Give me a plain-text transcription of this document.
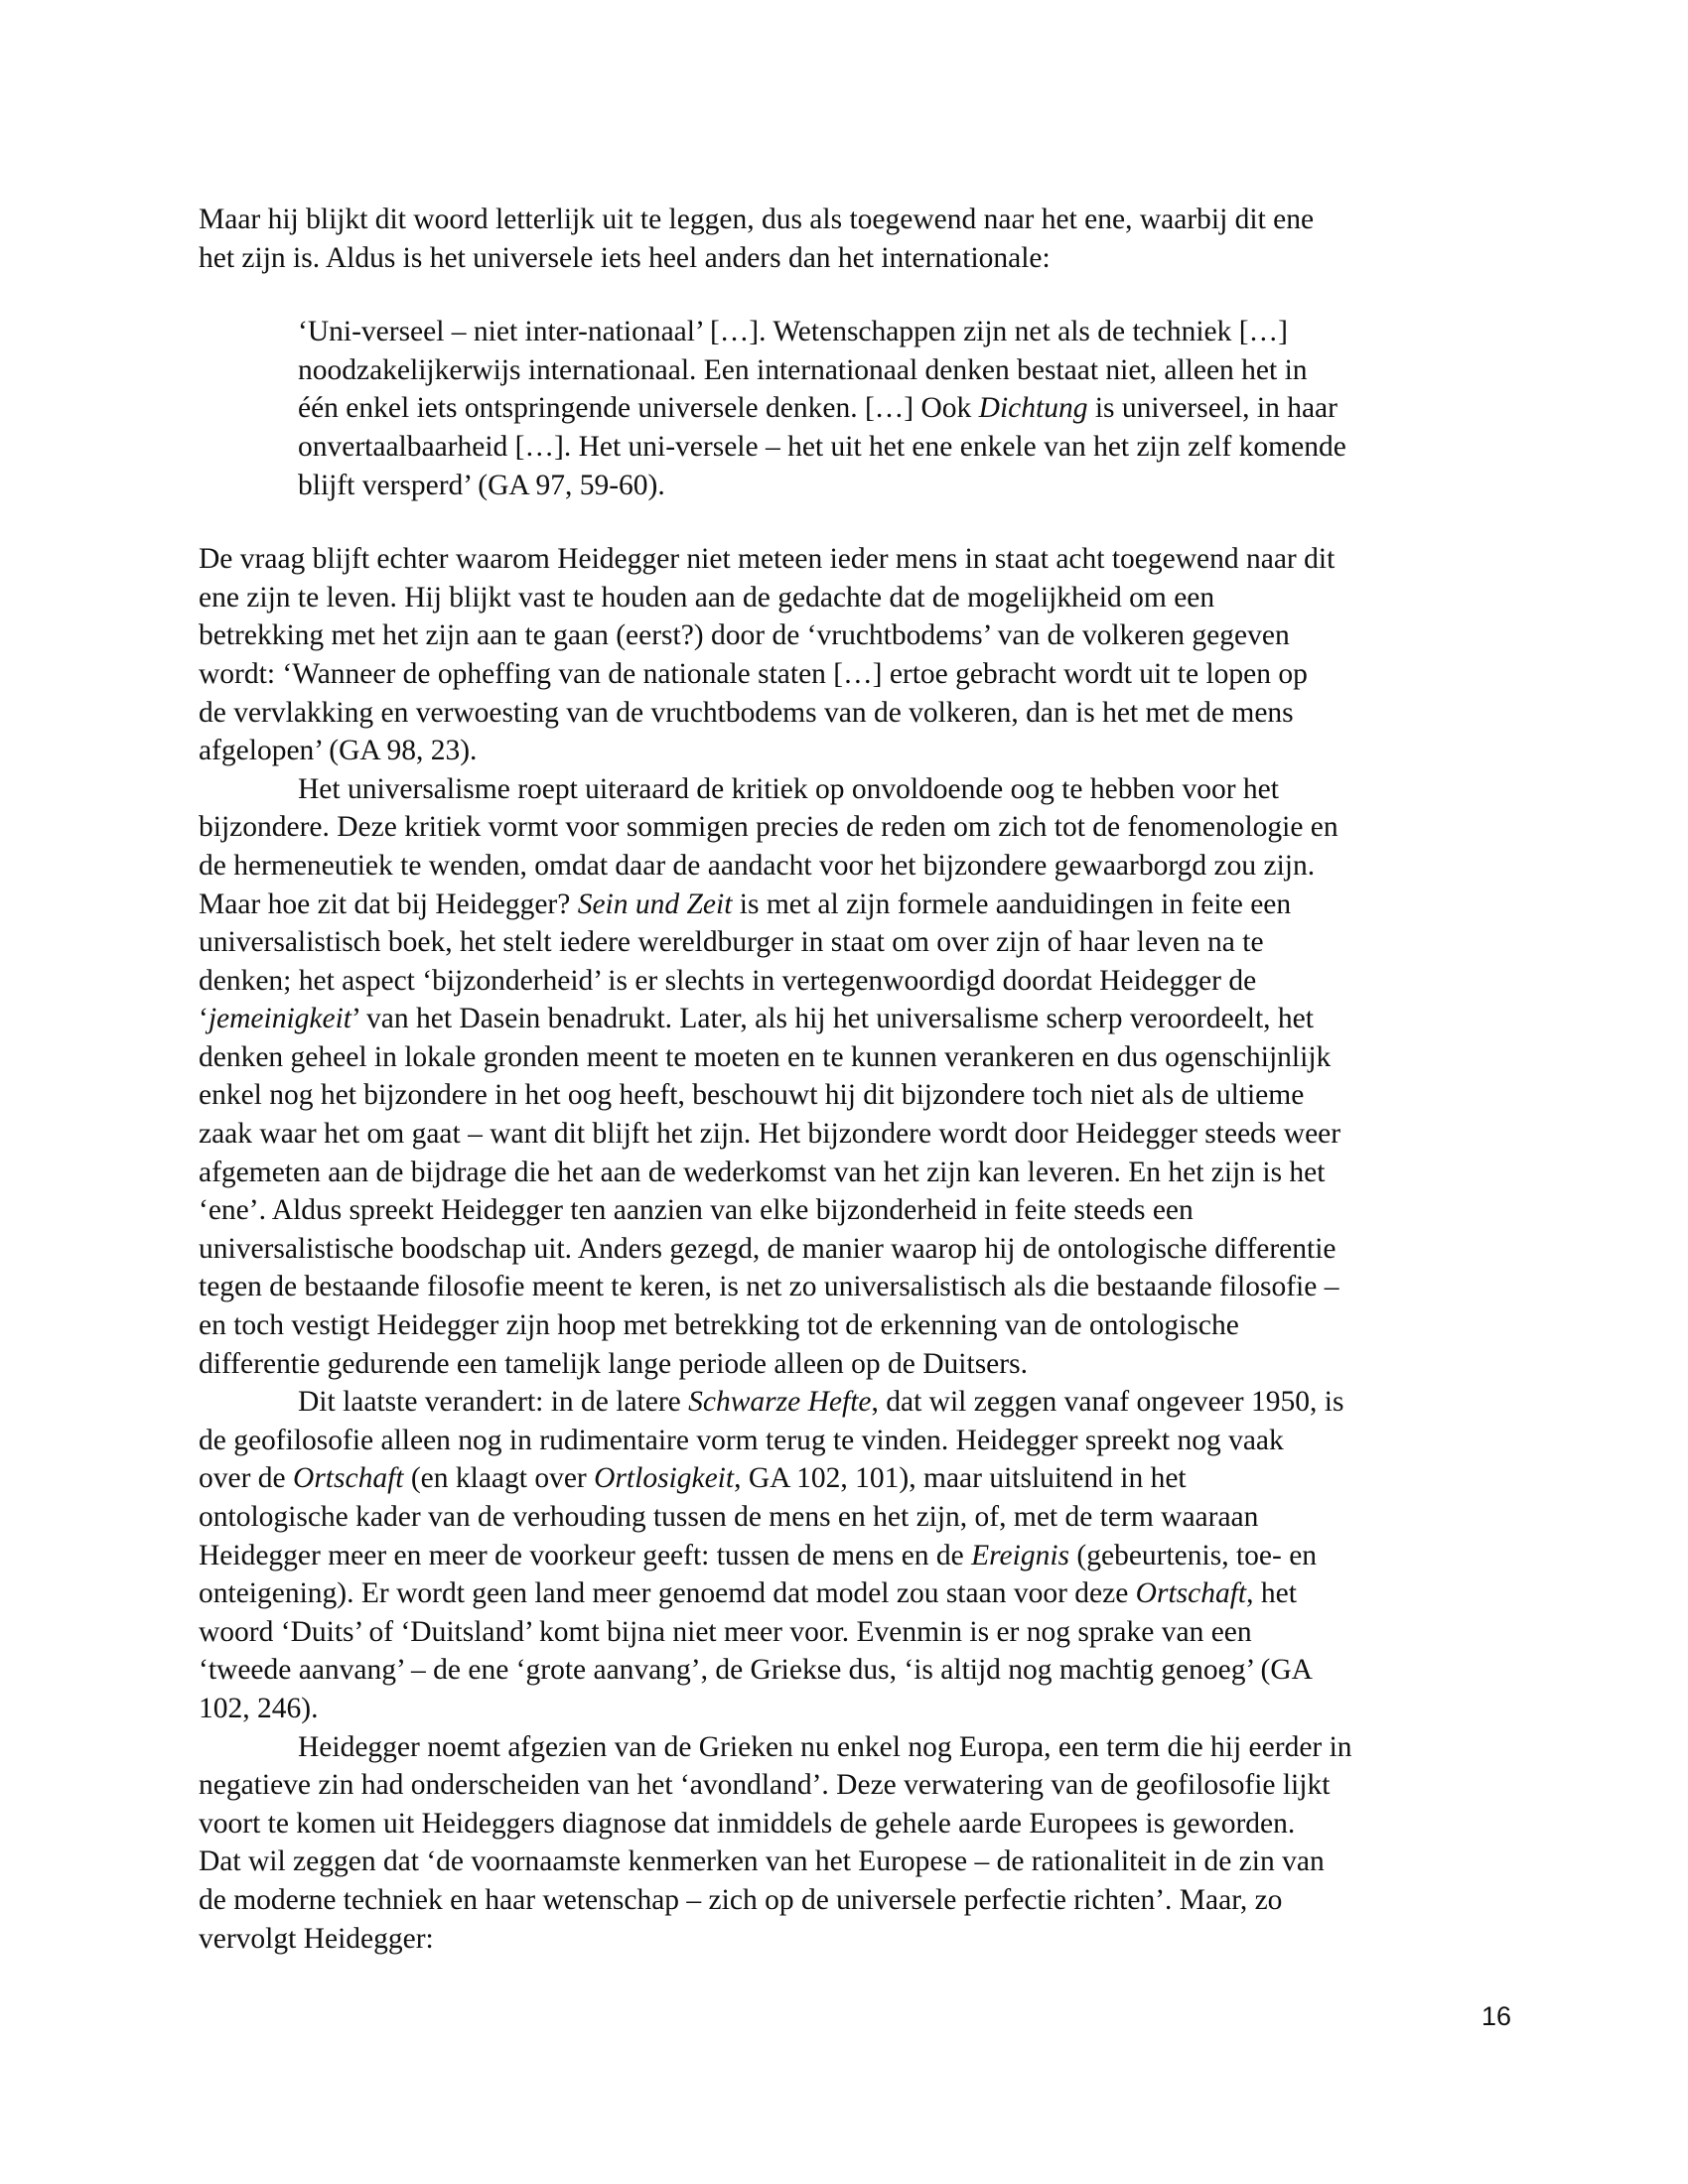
Maar hij blijkt dit woord letterlijk uit te leggen, dus als toegewend naar het ene, waarbij dit ene
het zijn is. Aldus is het universele iets heel anders dan het internationale:

‘Uni-verseel – niet inter-nationaal’ […]. Wetenschappen zijn net als de techniek […]
noodzakelijkerwijs internationaal. Een internationaal denken bestaat niet, alleen het in
één enkel iets ontspringende universele denken. […] Ook Dichtung is universeel, in haar
onvertaalbaarheid […]. Het uni-versele – het uit het ene enkele van het zijn zelf komende
blijft versperd’ (GA 97, 59-60).

De vraag blijft echter waarom Heidegger niet meteen ieder mens in staat acht toegewend naar dit
ene zijn te leven. Hij blijkt vast te houden aan de gedachte dat de mogelijkheid om een
betrekking met het zijn aan te gaan (eerst?) door de ‘vruchtbodems’ van de volkeren gegeven
wordt: ‘Wanneer de opheffing van de nationale staten […] ertoe gebracht wordt uit te lopen op
de vervlakking en verwoesting van de vruchtbodems van de volkeren, dan is het met de mens
afgelopen’ (GA 98, 23).

Het universalisme roept uiteraard de kritiek op onvoldoende oog te hebben voor het
bijzondere. Deze kritiek vormt voor sommigen precies de reden om zich tot de fenomenologie en
de hermeneutiek te wenden, omdat daar de aandacht voor het bijzondere gewaarborgd zou zijn.
Maar hoe zit dat bij Heidegger? Sein und Zeit is met al zijn formele aanduidingen in feite een
universalistisch boek, het stelt iedere wereldburger in staat om over zijn of haar leven na te
denken; het aspect ‘bijzonderheid’ is er slechts in vertegenwoordigd doordat Heidegger de
‘jemeinigkeit’ van het Dasein benadrukt. Later, als hij het universalisme scherp veroordeelt, het
denken geheel in lokale gronden meent te moeten en te kunnen verankeren en dus ogenschijnlijk
enkel nog het bijzondere in het oog heeft, beschouwt hij dit bijzondere toch niet als de ultieme
zaak waar het om gaat – want dit blijft het zijn. Het bijzondere wordt door Heidegger steeds weer
afgemeten aan de bijdrage die het aan de wederkomst van het zijn kan leveren. En het zijn is het
‘ene’. Aldus spreekt Heidegger ten aanzien van elke bijzonderheid in feite steeds een
universalistische boodschap uit. Anders gezegd, de manier waarop hij de ontologische differentie
tegen de bestaande filosofie meent te keren, is net zo universalistisch als die bestaande filosofie –
en toch vestigt Heidegger zijn hoop met betrekking tot de erkenning van de ontologische
differentie gedurende een tamelijk lange periode alleen op de Duitsers.

Dit laatste verandert: in de latere Schwarze Hefte, dat wil zeggen vanaf ongeveer 1950, is
de geofilosofie alleen nog in rudimentaire vorm terug te vinden. Heidegger spreekt nog vaak
over de Ortschaft (en klaagt over Ortlosigkeit, GA 102, 101), maar uitsluitend in het
ontologische kader van de verhouding tussen de mens en het zijn, of, met de term waaraan
Heidegger meer en meer de voorkeur geeft: tussen de mens en de Ereignis (gebeurtenis, toe- en
onteigening). Er wordt geen land meer genoemd dat model zou staan voor deze Ortschaft, het
woord ‘Duits’ of ‘Duitsland’ komt bijna niet meer voor. Evenmin is er nog sprake van een
‘tweede aanvang’ – de ene ‘grote aanvang’, de Griekse dus, ‘is altijd nog machtig genoeg’ (GA
102, 246).

Heidegger noemt afgezien van de Grieken nu enkel nog Europa, een term die hij eerder in
negatieve zin had onderscheiden van het ‘avondland’. Deze verwatering van de geofilosofie lijkt
voort te komen uit Heideggers diagnose dat inmiddels de gehele aarde Europees is geworden.
Dat wil zeggen dat ‘de voornaamste kenmerken van het Europese – de rationaliteit in de zin van
de moderne techniek en haar wetenschap – zich op de universele perfectie richten’. Maar, zo
vervolgt Heidegger:

16
